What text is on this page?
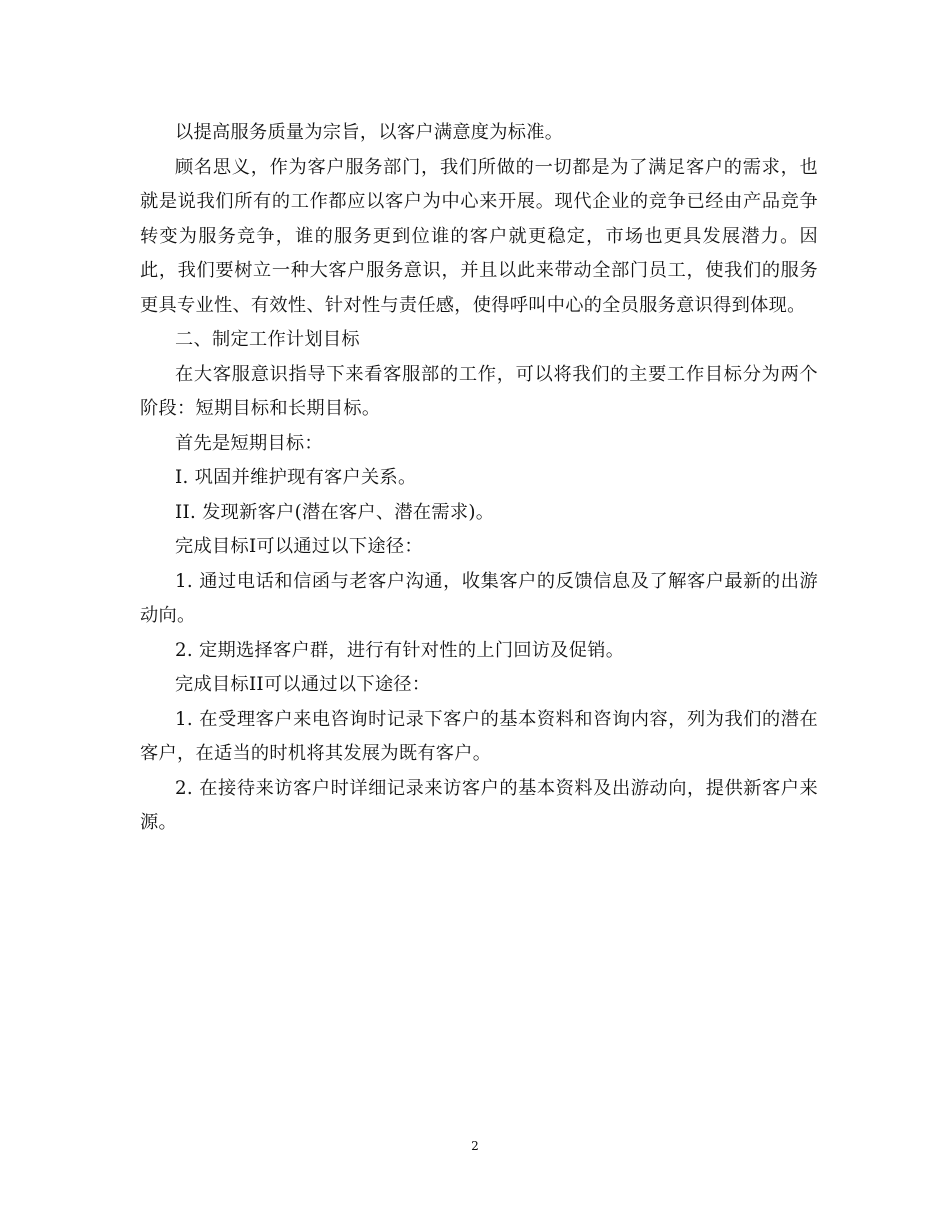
以提高服务质量为宗旨，以客户满意度为标准。

顾名思义，作为客户服务部门，我们所做的一切都是为了满足客户的需求，也就是说我们所有的工作都应以客户为中心来开展。现代企业的竞争已经由产品竞争转变为服务竞争，谁的服务更到位谁的客户就更稳定，市场也更具发展潜力。因此，我们要树立一种大客户服务意识，并且以此来带动全部门员工，使我们的服务更具专业性、有效性、针对性与责任感，使得呼叫中心的全员服务意识得到体现。

二、制定工作计划目标

在大客服意识指导下来看客服部的工作，可以将我们的主要工作目标分为两个阶段：短期目标和长期目标。

首先是短期目标：

I. 巩固并维护现有客户关系。

II. 发现新客户(潜在客户、潜在需求)。

完成目标I可以通过以下途径：

1. 通过电话和信函与老客户沟通，收集客户的反馈信息及了解客户最新的出游动向。

2. 定期选择客户群，进行有针对性的上门回访及促销。

完成目标II可以通过以下途径：

1. 在受理客户来电咨询时记录下客户的基本资料和咨询内容，列为我们的潜在客户，在适当的时机将其发展为既有客户。

2. 在接待来访客户时详细记录来访客户的基本资料及出游动向，提供新客户来源。

2
